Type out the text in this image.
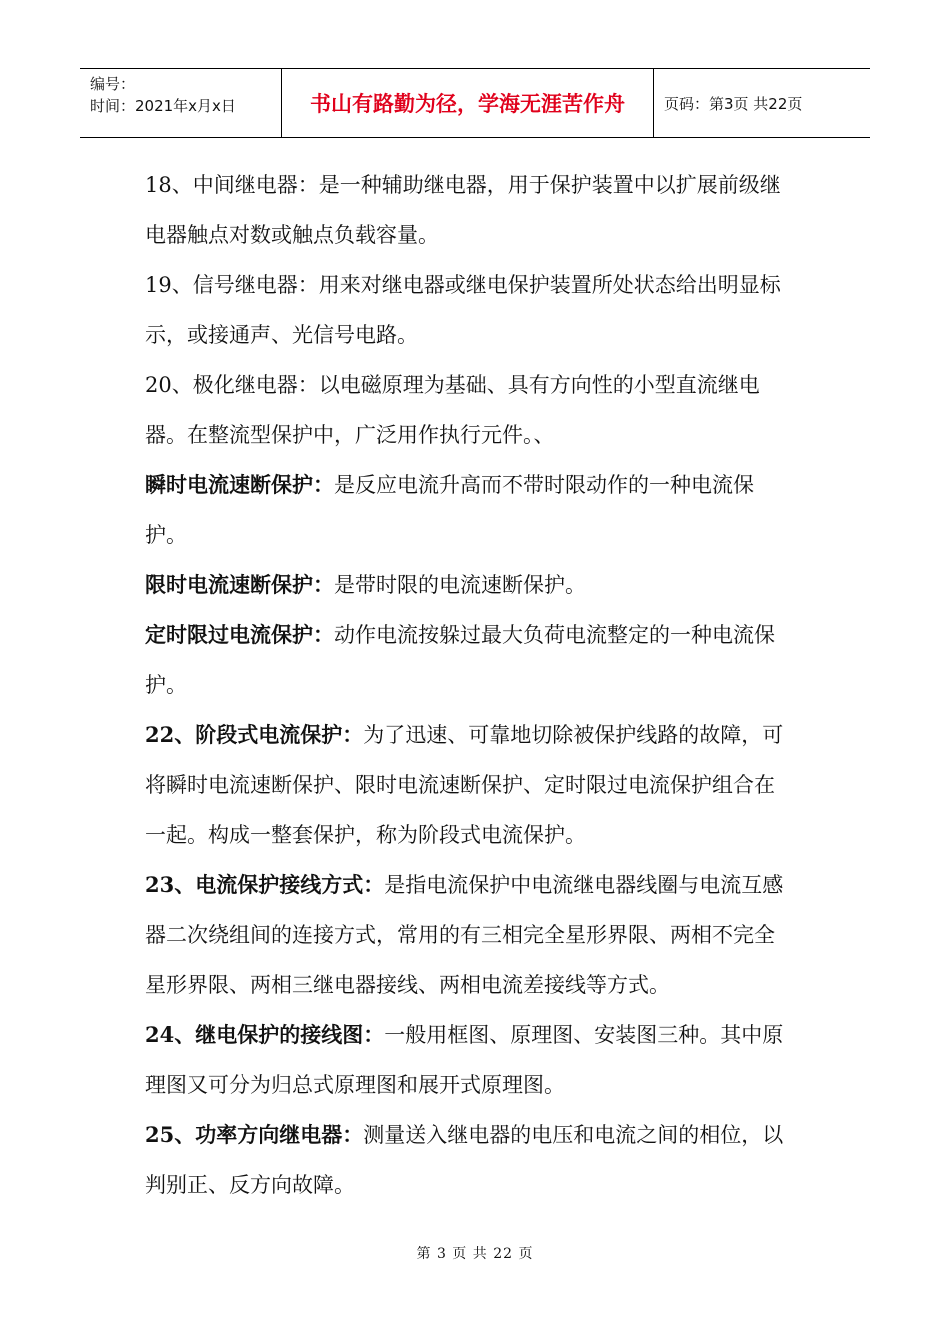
编号：
时间：2021年x月x日	书山有路勤为径，学海无涯苦作舟	页码：第3页 共22页

18、中间继电器：是一种辅助继电器，用于保护装置中以扩展前级继电器触点对数或触点负载容量。

19、信号继电器：用来对继电器或继电保护装置所处状态给出明显标示，或接通声、光信号电路。

20、极化继电器：以电磁原理为基础、具有方向性的小型直流继电器。在整流型保护中，广泛用作执行元件。、

瞬时电流速断保护：是反应电流升高而不带时限动作的一种电流保护。

限时电流速断保护：是带时限的电流速断保护。

定时限过电流保护：动作电流按躲过最大负荷电流整定的一种电流保护。

22、阶段式电流保护：为了迅速、可靠地切除被保护线路的故障，可将瞬时电流速断保护、限时电流速断保护、定时限过电流保护组合在一起。构成一整套保护，称为阶段式电流保护。

23、电流保护接线方式：是指电流保护中电流继电器线圈与电流互感器二次绕组间的连接方式，常用的有三相完全星形界限、两相不完全星形界限、两相三继电器接线、两相电流差接线等方式。

24、继电保护的接线图：一般用框图、原理图、安装图三种。其中原理图又可分为归总式原理图和展开式原理图。

25、功率方向继电器：测量送入继电器的电压和电流之间的相位，以判别正、反方向故障。

第 3 页 共 22 页
